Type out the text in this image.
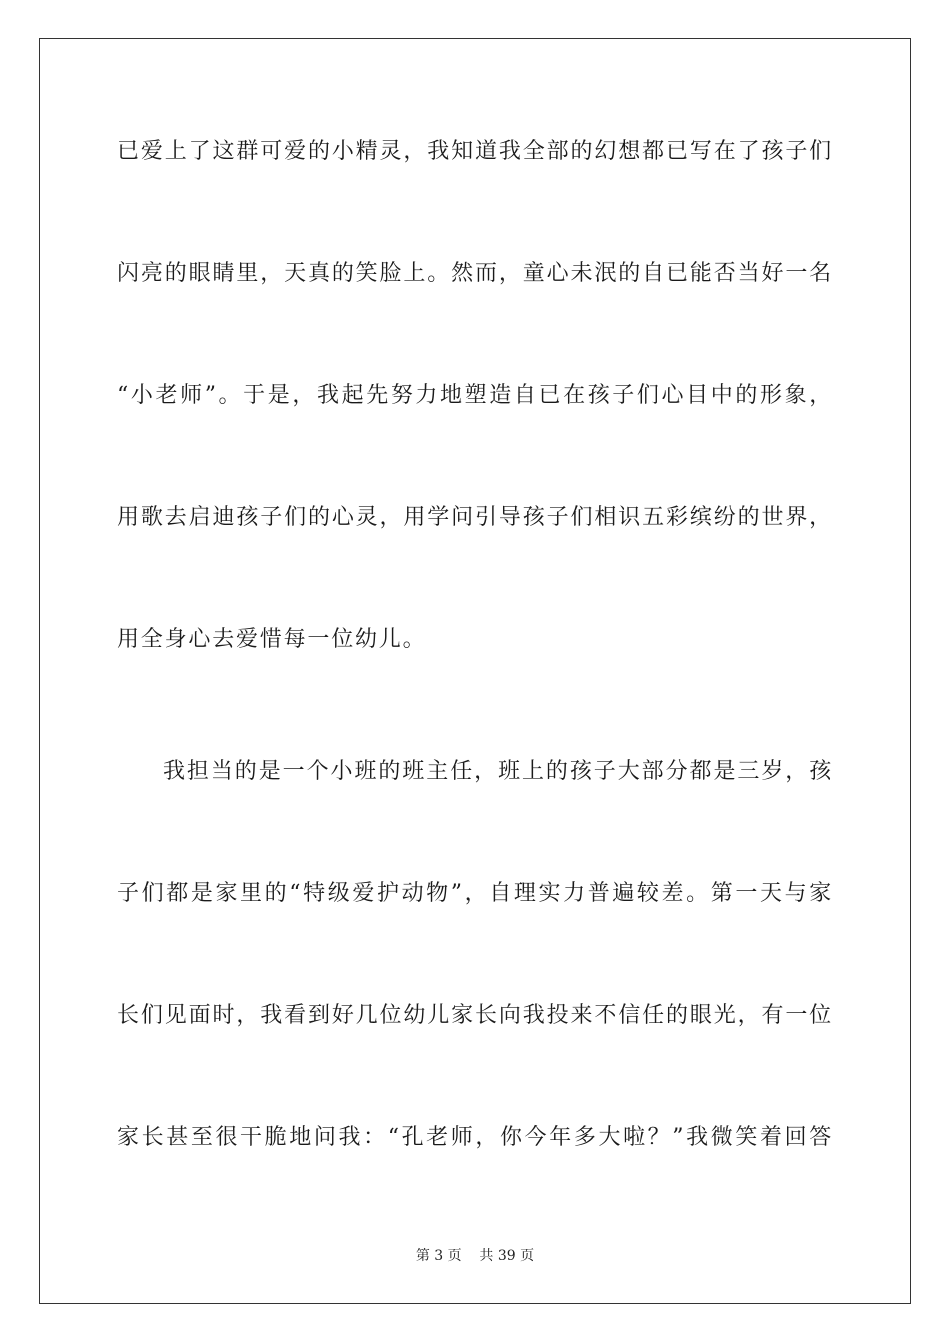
已爱上了这群可爱的小精灵，我知道我全部的幻想都已写在了孩子们
闪亮的眼睛里，天真的笑脸上。然而，童心未泯的自已能否当好一名
“小老师”。于是，我起先努力地塑造自已在孩子们心目中的形象，
用歌去启迪孩子们的心灵，用学问引导孩子们相识五彩缤纷的世界，
用全身心去爱惜每一位幼儿。
我担当的是一个小班的班主任，班上的孩子大部分都是三岁，孩
子们都是家里的“特级爱护动物”，自理实力普遍较差。第一天与家
长们见面时，我看到好几位幼儿家长向我投来不信任的眼光，有一位
家长甚至很干脆地问我：“孔老师，你今年多大啦？”我微笑着回答
第 3 页    共 39 页
